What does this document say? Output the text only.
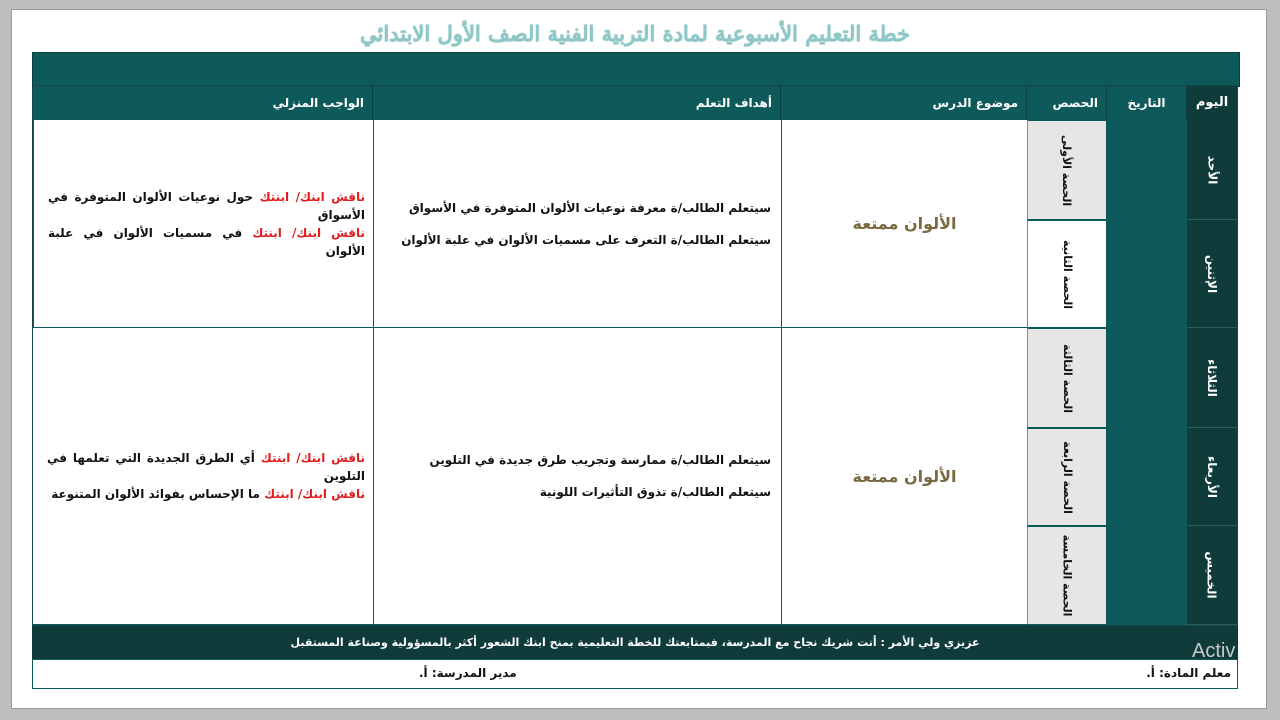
خطة التعليم الأسبوعية لمادة التربية الفنية الصف الأول الابتدائي
اليوم
التاريخ
الحصص
موضوع الدرس
أهداف التعلم
الواجب المنزلي
الأحد
الإثنين
الثلاثاء
الأربعاء
الخميس
الحصة الأولى
الحصة الثانية
الحصة الثالثة
الحصة الرابعة
الحصة الخامسة
الألوان ممتعة
الألوان ممتعة
سيتعلم الطالب/ة معرفة نوعيات الألوان المتوفرة في الأسواق
سيتعلم الطالب/ة التعرف على مسميات الألوان في علبة الألوان
سيتعلم الطالب/ة ممارسة وتجريب طرق جديدة في التلوين
سيتعلم الطالب/ة تذوق التأثيرات اللونية
ناقش ابنك/ ابنتك حول نوعيات الألوان المتوفرة في الأسواق
ناقش ابنك/ ابنتك في مسميات الألوان في علبة الألوان
ناقش ابنك/ ابنتك أي الطرق الجديدة التي تعلمها في التلوين
ناقش ابنك/ ابنتك ما الإحساس بفوائد الألوان المتنوعة
عزيزي ولي الأمر : أنت شريك نجاح مع المدرسة، فبمتابعتك للخطة التعليمية بمنح ابنك الشعور أكثر بالمسؤولية وصناعة المستقبل
معلم المادة: أ.
مدير المدرسة: أ.
Activ
